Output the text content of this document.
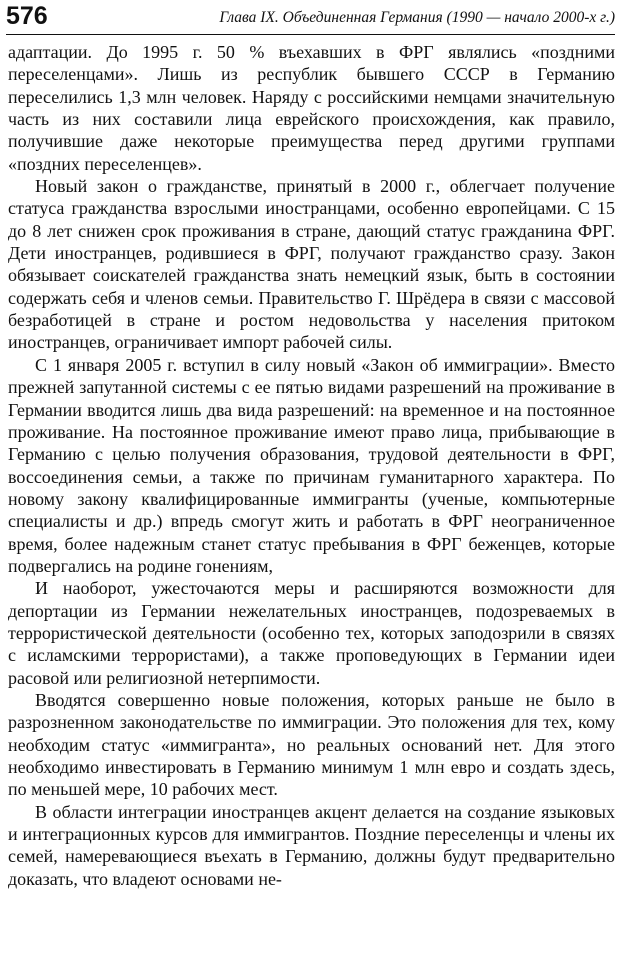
576	Глава IX. Объединенная Германия (1990 — начало 2000-х г.)

адаптации. До 1995 г. 50 % въехавших в ФРГ являлись «поздними переселенцами». Лишь из республик бывшего СССР в Германию переселились 1,3 млн человек. Наряду с российскими немцами значительную часть из них составили лица еврейского происхождения, как правило, получившие даже некоторые преимущества перед другими группами «поздних переселенцев».

Новый закон о гражданстве, принятый в 2000 г., облегчает получение статуса гражданства взрослыми иностранцами, особенно европейцами. С 15 до 8 лет снижен срок проживания в стране, дающий статус гражданина ФРГ. Дети иностранцев, родившиеся в ФРГ, получают гражданство сразу. Закон обязывает соискателей гражданства знать немецкий язык, быть в состоянии содержать себя и членов семьи. Правительство Г. Шрёдера в связи с массовой безработицей в стране и ростом недовольства у населения притоком иностранцев, ограничивает импорт рабочей силы.

С 1 января 2005 г. вступил в силу новый «Закон об иммиграции». Вместо прежней запутанной системы с ее пятью видами разрешений на проживание в Германии вводится лишь два вида разрешений: на временное и на постоянное проживание. На постоянное проживание имеют право лица, прибывающие в Германию с целью получения образования, трудовой деятельности в ФРГ, воссоединения семьи, а также по причинам гуманитарного характера. По новому закону квалифицированные иммигранты (ученые, компьютерные специалисты и др.) впредь смогут жить и работать в ФРГ неограниченное время, более надежным станет статус пребывания в ФРГ беженцев, которые подвергались на родине гонениям,

И наоборот, ужесточаются меры и расширяются возможности для депортации из Германии нежелательных иностранцев, подозреваемых в террористической деятельности (особенно тех, которых заподозрили в связях с исламскими террористами), а также проповедующих в Германии идеи расовой или религиозной нетерпимости.

Вводятся совершенно новые положения, которых раньше не было в разрозненном законодательстве по иммиграции. Это положения для тех, кому необходим статус «иммигранта», но реальных оснований нет. Для этого необходимо инвестировать в Германию минимум 1 млн евро и создать здесь, по меньшей мере, 10 рабочих мест.

В области интеграции иностранцев акцент делается на создание языковых и интеграционных курсов для иммигрантов. Поздние переселенцы и члены их семей, намеревающиеся въехать в Германию, должны будут предварительно доказать, что владеют основами не-
